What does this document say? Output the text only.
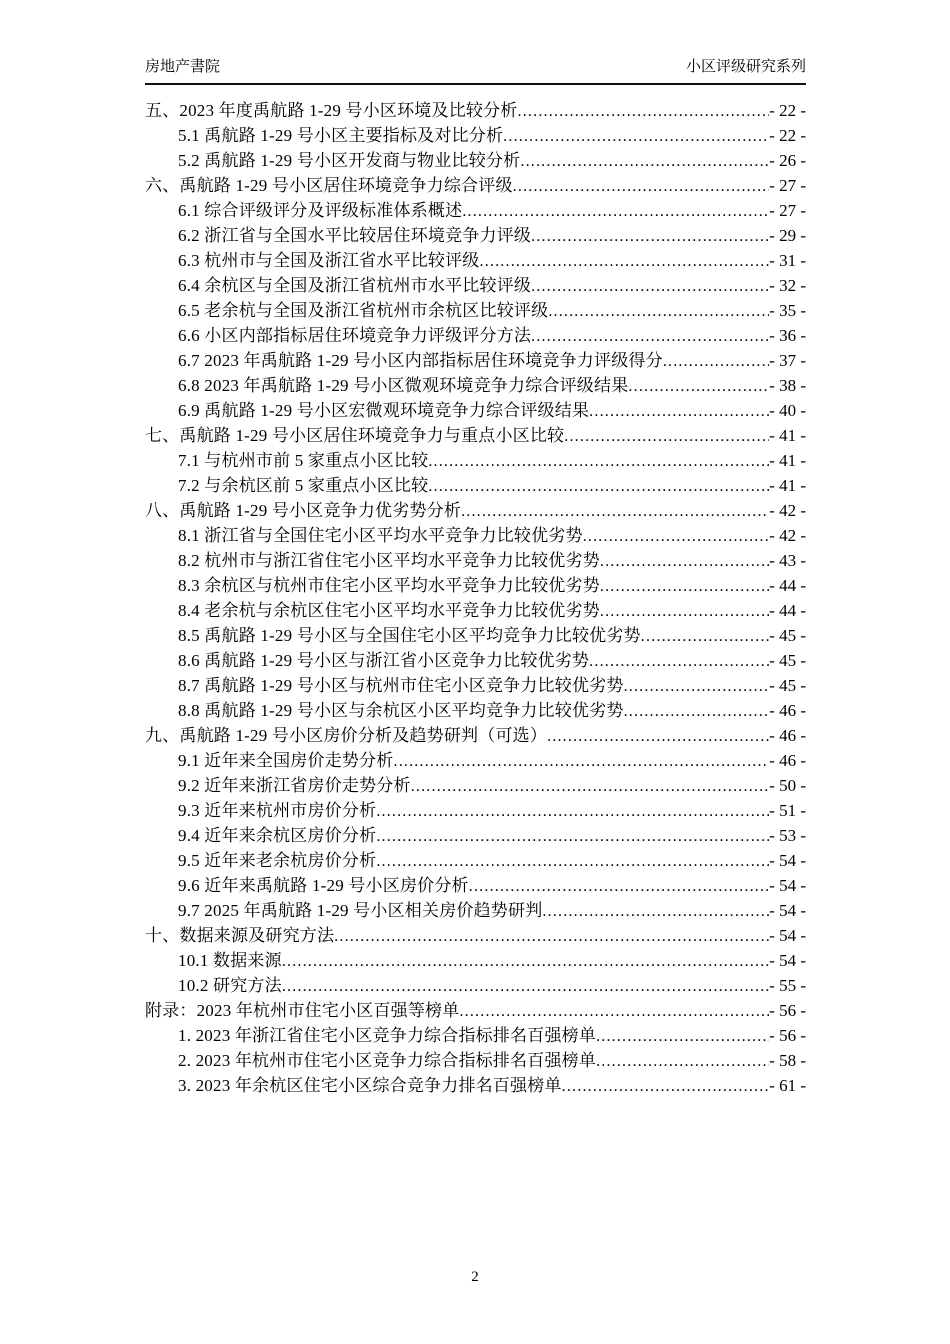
房地产書院	小区评级研究系列
五、2023 年度禹航路 1-29 号小区环境及比较分析 .....	- 22 -
5.1 禹航路 1-29 号小区主要指标及对比分析 .....	- 22 -
5.2 禹航路 1-29 号小区开发商与物业比较分析 .....	- 26 -
六、禹航路 1-29 号小区居住环境竞争力综合评级 .....	- 27 -
6.1 综合评级评分及评级标准体系概述 .....	- 27 -
6.2 浙江省与全国水平比较居住环境竞争力评级 .....	- 29 -
6.3 杭州市与全国及浙江省水平比较评级 .....	- 31 -
6.4 余杭区与全国及浙江省杭州市水平比较评级 .....	- 32 -
6.5 老余杭与全国及浙江省杭州市余杭区比较评级 .....	- 35 -
6.6 小区内部指标居住环境竞争力评级评分方法 .....	- 36 -
6.7 2023 年禹航路 1-29 号小区内部指标居住环境竞争力评级得分 .....	- 37 -
6.8 2023 年禹航路 1-29 号小区微观环境竞争力综合评级结果 .....	- 38 -
6.9 禹航路 1-29 号小区宏微观环境竞争力综合评级结果 .....	- 40 -
七、禹航路 1-29 号小区居住环境竞争力与重点小区比较 .....	- 41 -
7.1 与杭州市前 5 家重点小区比较 .....	- 41 -
7.2 与余杭区前 5 家重点小区比较 .....	- 41 -
八、禹航路 1-29 号小区竞争力优劣势分析 .....	- 42 -
8.1 浙江省与全国住宅小区平均水平竞争力比较优劣势 .....	- 42 -
8.2 杭州市与浙江省住宅小区平均水平竞争力比较优劣势 .....	- 43 -
8.3 余杭区与杭州市住宅小区平均水平竞争力比较优劣势 .....	- 44 -
8.4 老余杭与余杭区住宅小区平均水平竞争力比较优劣势 .....	- 44 -
8.5 禹航路 1-29 号小区与全国住宅小区平均竞争力比较优劣势 .....	- 45 -
8.6 禹航路 1-29 号小区与浙江省小区竞争力比较优劣势 .....	- 45 -
8.7 禹航路 1-29 号小区与杭州市住宅小区竞争力比较优劣势 .....	- 45 -
8.8 禹航路 1-29 号小区与余杭区小区平均竞争力比较优劣势 .....	- 46 -
九、禹航路 1-29 号小区房价分析及趋势研判（可选） .....	- 46 -
9.1 近年来全国房价走势分析 .....	- 46 -
9.2 近年来浙江省房价走势分析 .....	- 50 -
9.3 近年来杭州市房价分析 .....	- 51 -
9.4 近年来余杭区房价分析 .....	- 53 -
9.5 近年来老余杭房价分析 .....	- 54 -
9.6 近年来禹航路 1-29 号小区房价分析 .....	- 54 -
9.7 2025 年禹航路 1-29 号小区相关房价趋势研判 .....	- 54 -
十、数据来源及研究方法 .....	- 54 -
10.1 数据来源 .....	- 54 -
10.2 研究方法 .....	- 55 -
附录：2023 年杭州市住宅小区百强等榜单 .....	- 56 -
1. 2023 年浙江省住宅小区竞争力综合指标排名百强榜单 .....	- 56 -
2. 2023 年杭州市住宅小区竞争力综合指标排名百强榜单 .....	- 58 -
3. 2023 年余杭区住宅小区综合竞争力排名百强榜单 .....	- 61 -
2
